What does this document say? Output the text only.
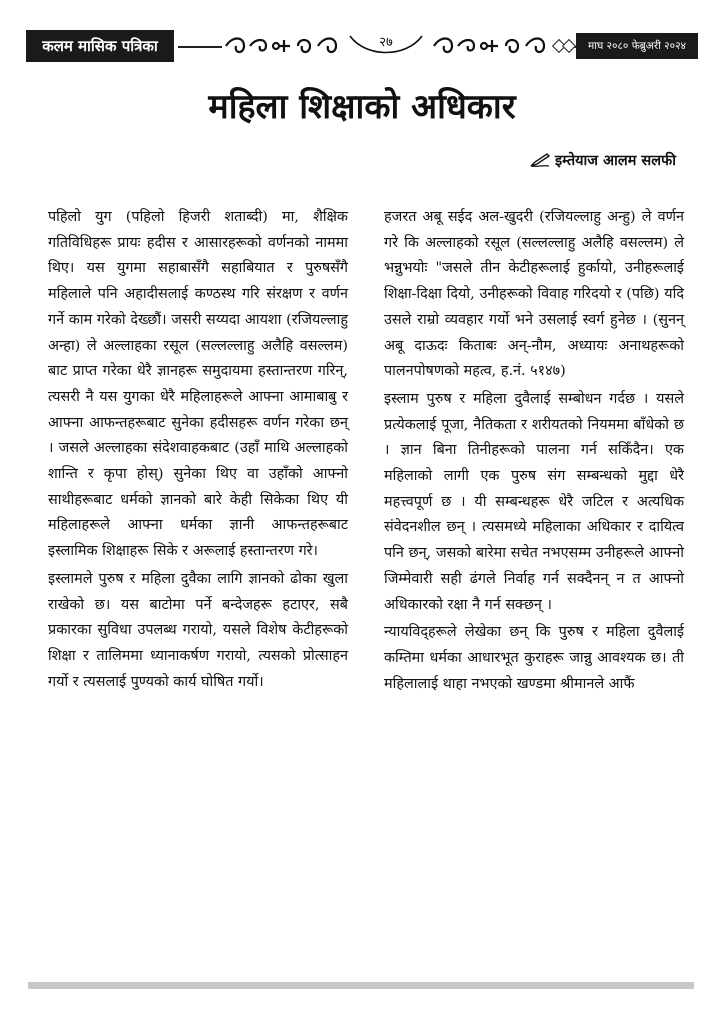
कलम मासिक पत्रिका	२७	माघ २०८० फेब्रुअरी २०२४
महिला शिक्षाको अधिकार
इम्तेयाज आलम सलफी

पहिलो युग (पहिलो हिजरी शताब्दी) मा, शैक्षिक गतिविधिहरू प्रायः हदीस र आसारहरूको वर्णनको नाममा थिए। यस युगमा सहाबासँगै सहाबियात र पुरुषसँगै महिलाले पनि अहादीसलाई कण्ठस्थ गरि संरक्षण र वर्णन गर्ने काम गरेको देख्छौं। जसरी सय्यदा आयशा (रजियल्लाहु अन्हा) ले अल्लाहका रसूल (सल्लल्लाहु अलैहि वसल्लम) बाट प्राप्त गरेका धेरै ज्ञानहरू समुदायमा हस्तान्तरण गरिन्, त्यसरी नै यस युगका धेरै महिलाहरूले आफ्ना आमाबाबु र आफ्ना आफन्तहरूबाट सुनेका हदीसहरू वर्णन गरेका छन् । जसले अल्लाहका संदेशवाहकबाट (उहाँ माथि अल्लाहको शान्ति र कृपा होस्) सुनेका थिए वा उहाँको आफ्नो साथीहरूबाट धर्मको ज्ञानको बारे केही सिकेका थिए यी महिलाहरूले आफ्ना धर्मका ज्ञानी आफन्तहरूबाट इस्लामिक शिक्षाहरू सिके र अरूलाई हस्तान्तरण गरे।

इस्लामले पुरुष र महिला दुवैका लागि ज्ञानको ढोका खुला राखेको छ। यस बाटोमा पर्ने बन्देजहरू हटाएर, सबै प्रकारका सुविधा उपलब्ध गरायो, यसले विशेष केटीहरूको शिक्षा र तालिममा ध्यानाकर्षण गरायो, त्यसको प्रोत्साहन गर्यो र त्यसलाई पुण्यको कार्य घोषित गर्यो।

हजरत अबू सईद अल-खुदरी (रजियल्लाहु अन्हु) ले वर्णन गरे कि अल्लाहको रसूल (सल्लल्लाहु अलैहि वसल्लम) ले भन्नुभयोः "जसले तीन केटीहरूलाई हुर्कायो, उनीहरूलाई शिक्षा-दिक्षा दियो, उनीहरूको विवाह गरिदयो र (पछि) यदि उसले राम्रो व्यवहार गर्यो भने उसलाई स्वर्ग हुनेछ । (सुनन् अबू दाऊदः किताबः अन्-नौम, अध्यायः अनाथहरूको पालनपोषणको महत्व, ह.नं. ५१४७)

इस्लाम पुरुष र महिला दुवैलाई सम्बोधन गर्दछ । यसले प्रत्येकलाई पूजा, नैतिकता र शरीयतको नियममा बाँधेको छ । ज्ञान बिना तिनीहरूको पालना गर्न सकिँदैन। एक महिलाको लागी एक पुरुष संग सम्बन्धको मुद्दा धेरै महत्त्वपूर्ण छ । यी सम्बन्धहरू धेरै जटिल र अत्यधिक संवेदनशील छन् । त्यसमध्ये महिलाका अधिकार र दायित्व पनि छन्, जसको बारेमा सचेत नभएसम्म उनीहरूले आफ्नो जिम्मेवारी सही ढंगले निर्वाह गर्न सक्दैनन् न त आफ्नो अधिकारको रक्षा नै गर्न सक्छन् ।

न्यायविद्हरूले लेखेका छन् कि पुरुष र महिला दुवैलाई कम्तिमा धर्मका आधारभूत कुराहरू जान्नु आवश्यक छ। ती महिलालाई थाहा नभएको खण्डमा श्रीमानले आफैं
